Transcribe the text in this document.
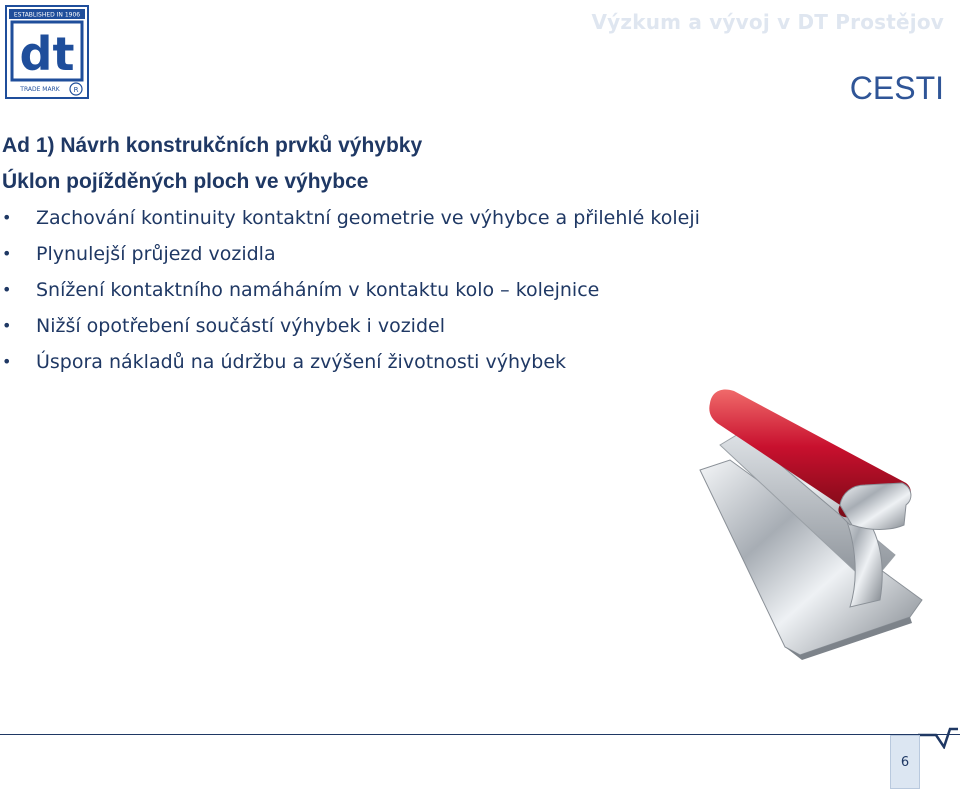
ESTABLISHED IN 1906
dt
TRADE MARK R
Výzkum a vývoj v DT Prostějov
CESTI
Ad 1) Návrh konstrukčních prvků výhybky
Úklon pojížděných ploch ve výhybce
• Zachování kontinuity kontaktní geometrie ve výhybce a přilehlé koleji
• Plynulejší průjezd vozidla
• Snížení kontaktního namáháním v kontaktu kolo – kolejnice
• Nižší opotřebení součástí výhybek i vozidel
• Úspora nákladů na údržbu a zvýšení životnosti výhybek
6
